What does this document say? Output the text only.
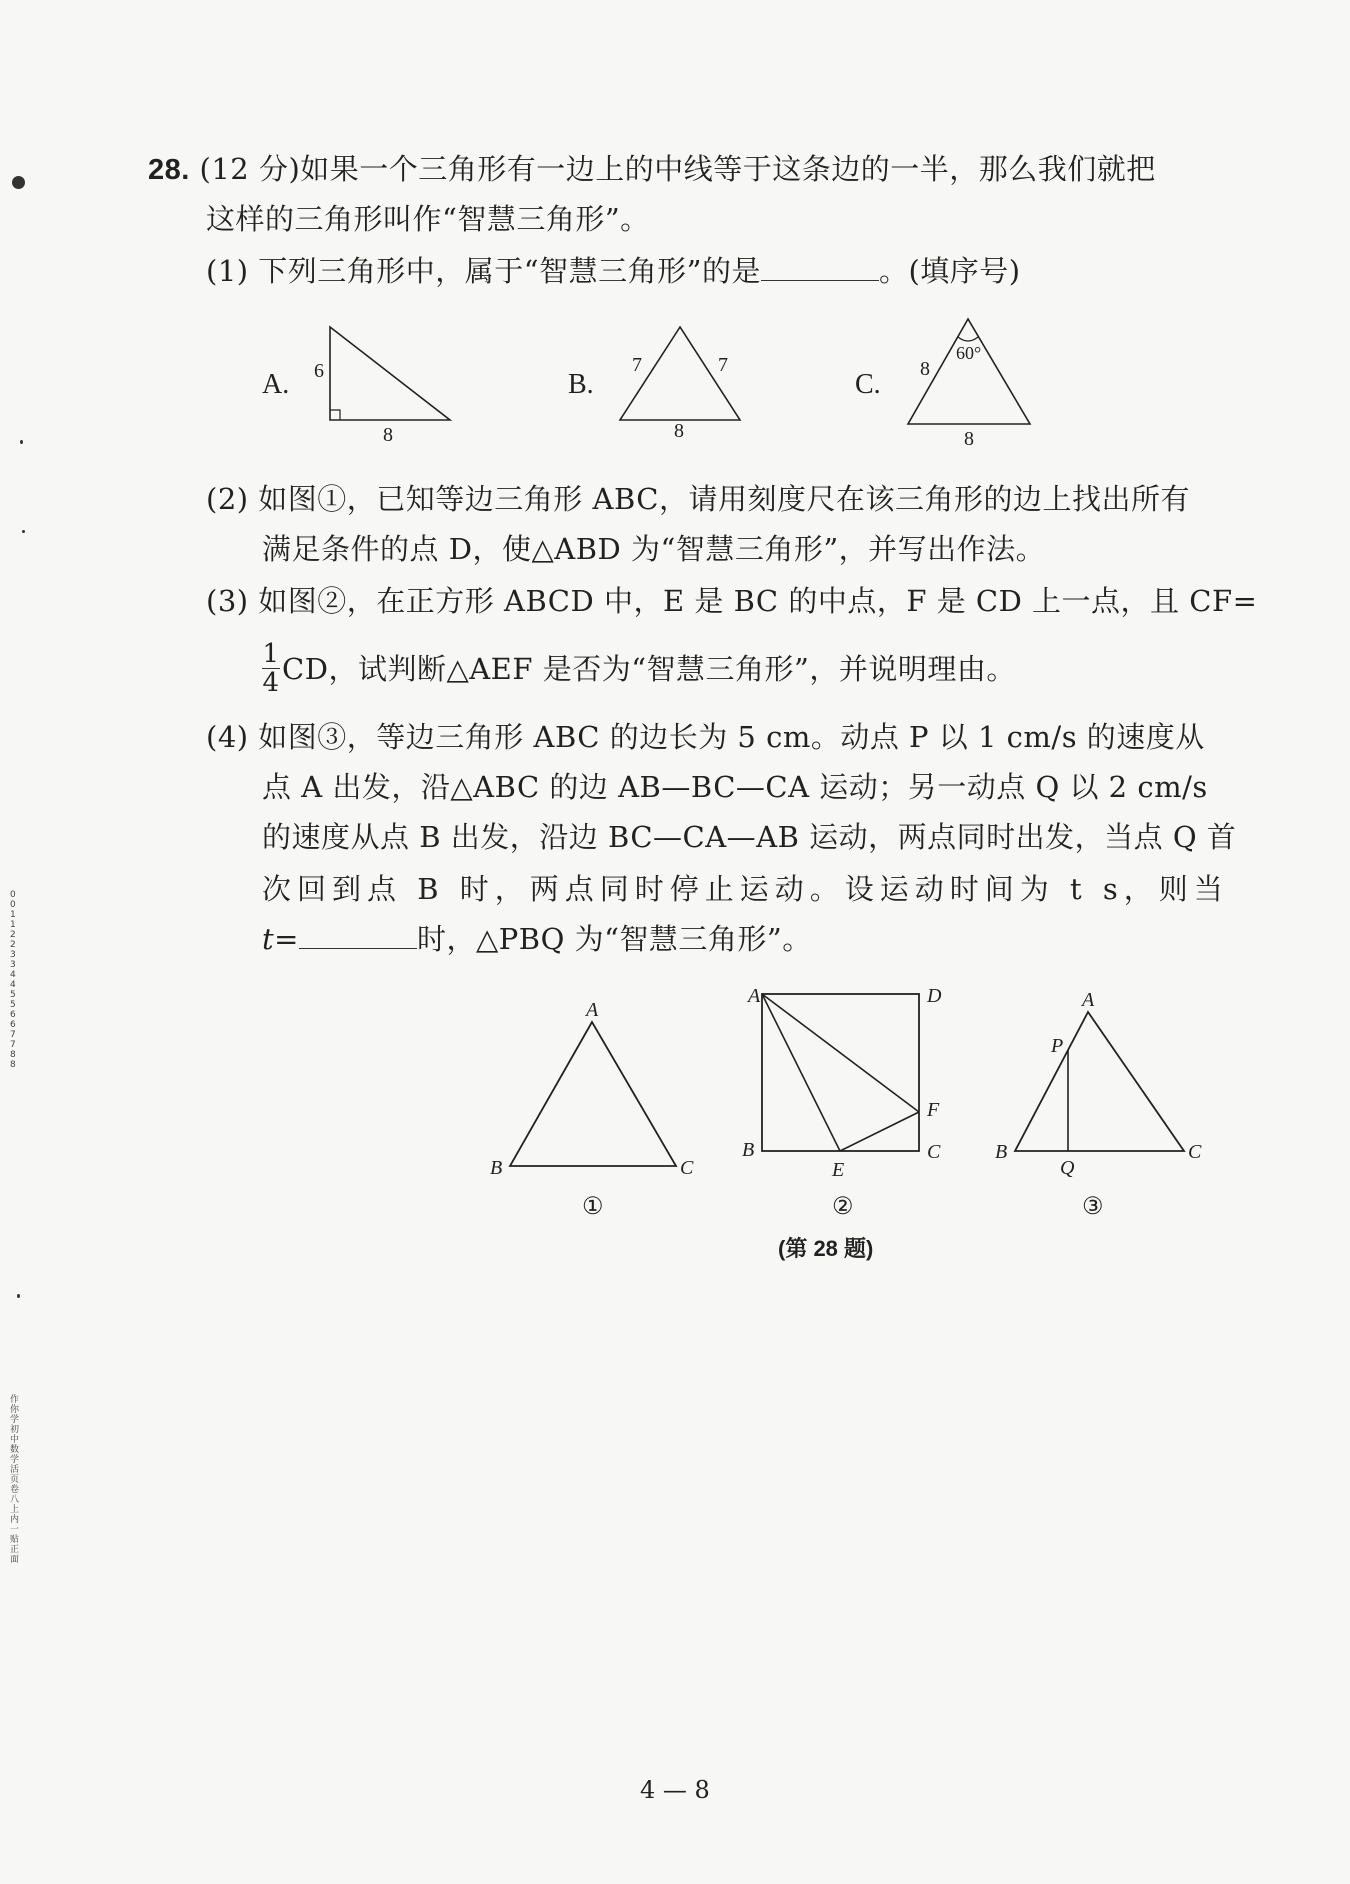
00 11 22 33 44 55 66 77 88
作你学初中数学活页卷 八上 内一贴正面
28. (12 分)如果一个三角形有一边上的中线等于这条边的一半，那么我们就把
这样的三角形叫作“智慧三角形”。
(1) 下列三角形中，属于“智慧三角形”的是	。(填序号)
A. 6
8
B.
7	7
8
C. 8
60°
8
(2) 如图①，已知等边三角形 ABC，请用刻度尺在该三角形的边上找出所有
满足条件的点 D，使△ABD 为“智慧三角形”，并写出作法。
(3) 如图②，在正方形 ABCD 中，E 是 BC 的中点，F 是 CD 上一点，且 CF=
$\frac{1}{4}$ CD，试判断△AEF 是否为“智慧三角形”，并说明理由。
(4) 如图③，等边三角形 ABC 的边长为 5 cm。动点 P 以 1 cm/s 的速度从
点 A 出发，沿△ABC 的边 AB—BC—CA 运动；另一动点 Q 以 2 cm/s
的速度从点 B 出发，沿边 BC—CA—AB 运动，两点同时出发，当点 Q 首
次回到点 B 时，两点同时停止运动。设运动时间为 t s，则当
t=	时，△PBQ 为“智慧三角形”。
A
B	C
①
A	D
B	C
E
F
②
A
P
B
Q
C
③
(第 28 题)
4 — 8
